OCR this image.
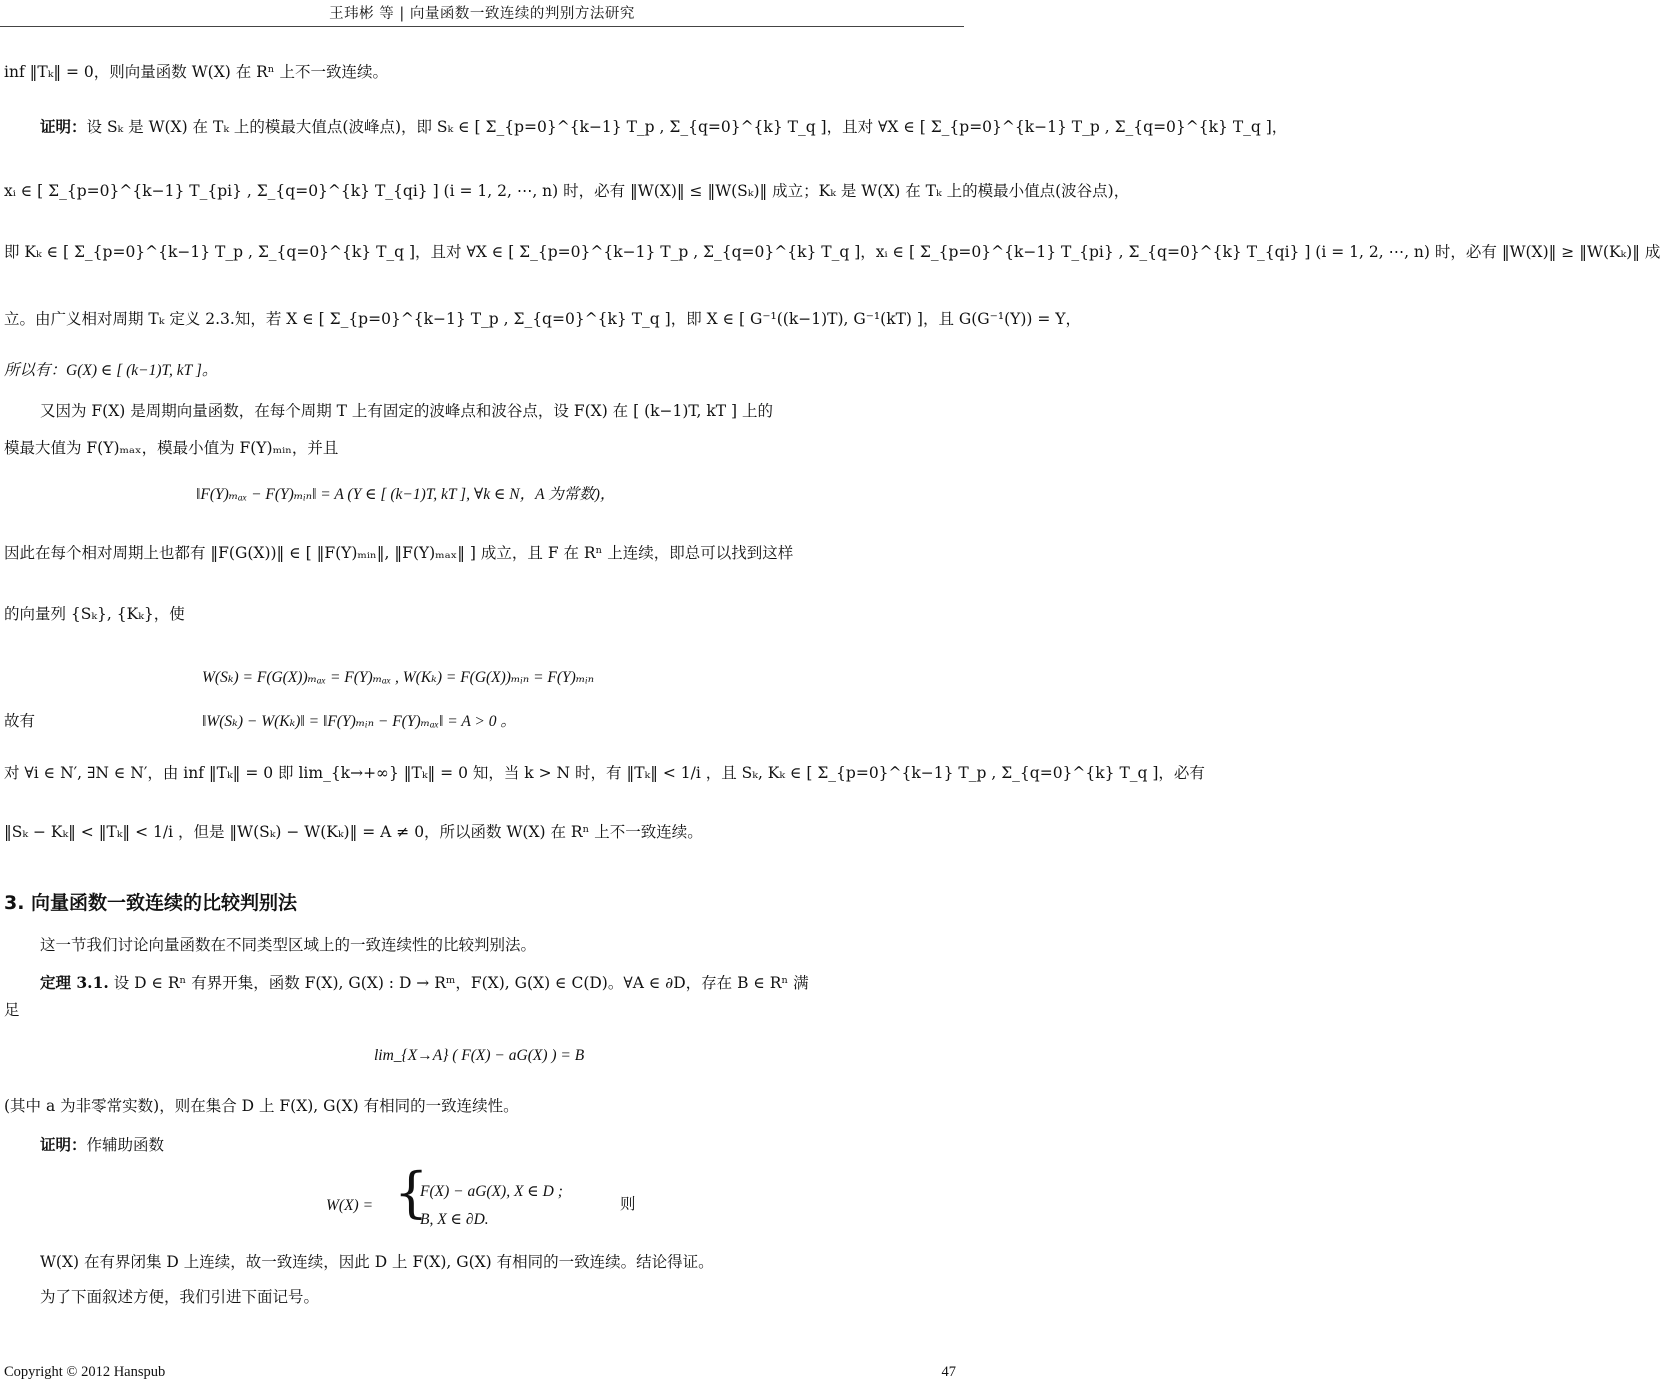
王玮彬 等 | 向量函数一致连续的判别方法研究
inf ‖Tₖ‖ = 0，则向量函数 W(X) 在 Rⁿ 上不一致连续。
证明：设 Sₖ 是 W(X) 在 Tₖ 上的模最大值点(波峰点)，即 Sₖ ∈ [ Σ_{p=0}^{k−1} T_p , Σ_{q=0}^{k} T_q ]，且对 ∀X ∈ [ Σ_{p=0}^{k−1} T_p , Σ_{q=0}^{k} T_q ]，
xᵢ ∈ [ Σ_{p=0}^{k−1} T_{pi} , Σ_{q=0}^{k} T_{qi} ] (i = 1, 2, ⋯, n) 时，必有 ‖W(X)‖ ≤ ‖W(Sₖ)‖ 成立；Kₖ 是 W(X) 在 Tₖ 上的模最小值点(波谷点)，
即 Kₖ ∈ [ Σ_{p=0}^{k−1} T_p , Σ_{q=0}^{k} T_q ]，且对 ∀X ∈ [ Σ_{p=0}^{k−1} T_p , Σ_{q=0}^{k} T_q ]，xᵢ ∈ [ Σ_{p=0}^{k−1} T_{pi} , Σ_{q=0}^{k} T_{qi} ] (i = 1, 2, ⋯, n) 时，必有 ‖W(X)‖ ≥ ‖W(Kₖ)‖ 成
立。由广义相对周期 Tₖ 定义 2.3.知，若 X ∈ [ Σ_{p=0}^{k−1} T_p , Σ_{q=0}^{k} T_q ]，即 X ∈ [ G⁻¹((k−1)T), G⁻¹(kT) ]，且 G(G⁻¹(Y)) = Y，
所以有：G(X) ∈ [ (k−1)T, kT ]。
又因为 F(X) 是周期向量函数，在每个周期 T 上有固定的波峰点和波谷点，设 F(X) 在 [ (k−1)T, kT ] 上的
模最大值为 F(Y)ₘₐₓ，模最小值为 F(Y)ₘᵢₙ，并且
‖F(Y)ₘₐₓ − F(Y)ₘᵢₙ‖ = A (Y ∈ [ (k−1)T, kT ], ∀k ∈ N，A 为常数)，
因此在每个相对周期上也都有 ‖F(G(X))‖ ∈ [ ‖F(Y)ₘᵢₙ‖, ‖F(Y)ₘₐₓ‖ ] 成立，且 F 在 Rⁿ 上连续，即总可以找到这样
的向量列 {Sₖ}, {Kₖ}，使
W(Sₖ) = F(G(X))ₘₐₓ = F(Y)ₘₐₓ , W(Kₖ) = F(G(X))ₘᵢₙ = F(Y)ₘᵢₙ
故有	‖W(Sₖ) − W(Kₖ)‖ = ‖F(Y)ₘᵢₙ − F(Y)ₘₐₓ‖ = A > 0 。
对 ∀i ∈ N′, ∃N ∈ N′，由 inf ‖Tₖ‖ = 0 即 lim_{k→+∞} ‖Tₖ‖ = 0 知，当 k > N 时，有 ‖Tₖ‖ < 1/i ，且 Sₖ, Kₖ ∈ [ Σ_{p=0}^{k−1} T_p , Σ_{q=0}^{k} T_q ]，必有
‖Sₖ − Kₖ‖ < ‖Tₖ‖ < 1/i ，但是 ‖W(Sₖ) − W(Kₖ)‖ = A ≠ 0，所以函数 W(X) 在 Rⁿ 上不一致连续。
3. 向量函数一致连续的比较判别法
这一节我们讨论向量函数在不同类型区域上的一致连续性的比较判别法。
定理 3.1. 设 D ∈ Rⁿ 有界开集，函数 F(X), G(X) : D → Rᵐ，F(X), G(X) ∈ C(D)。∀A ∈ ∂D，存在 B ∈ Rⁿ 满
足
lim_{X→A} ( F(X) − aG(X) ) = B
(其中 a 为非零常实数)，则在集合 D 上 F(X), G(X) 有相同的一致连续性。
证明：作辅助函数
W(X) = {
F(X) − aG(X), X ∈ D ;
B, X ∈ ∂D.
则
W(X) 在有界闭集 D 上连续，故一致连续，因此 D 上 F(X), G(X) 有相同的一致连续。结论得证。
为了下面叙述方便，我们引进下面记号。
Copyright © 2012 Hanspub	47
